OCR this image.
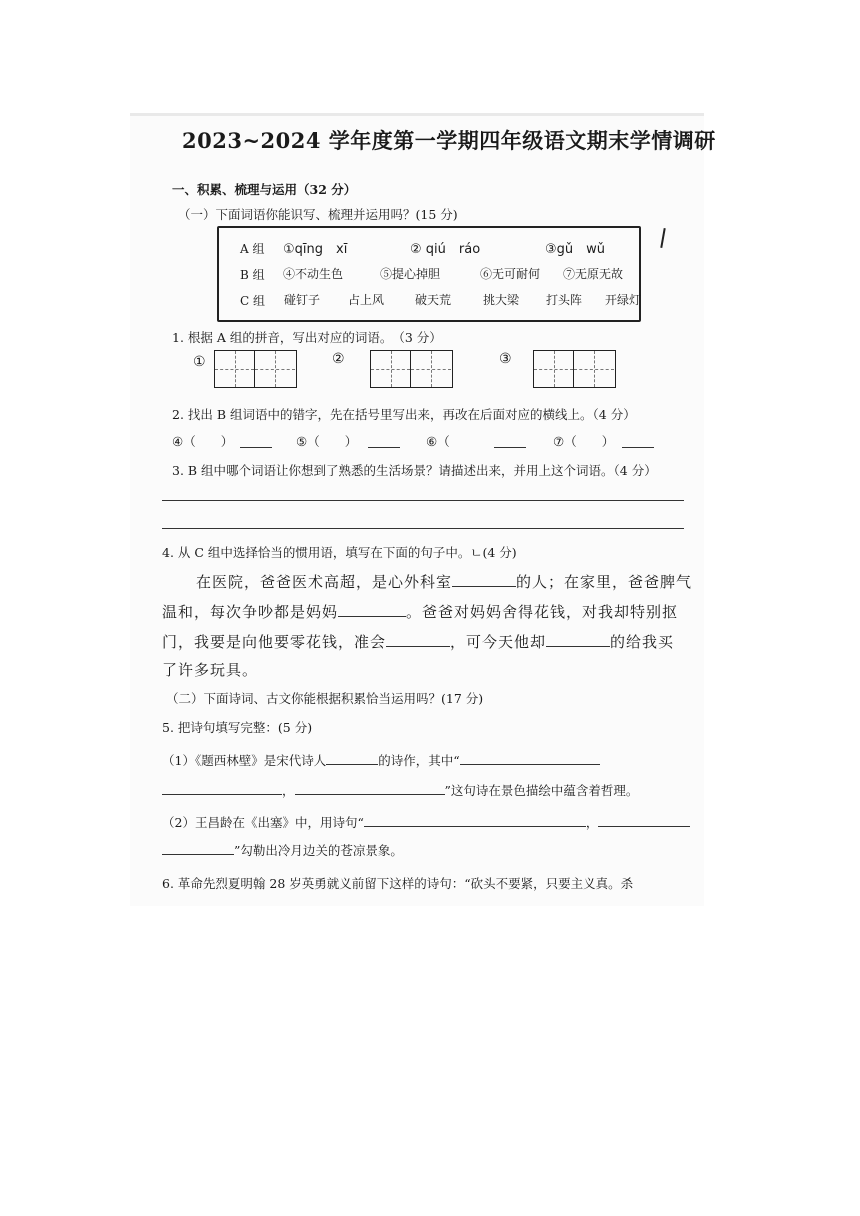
2023~2024 学年度第一学期四年级语文期末学情调研
一、积累、梳理与运用（32 分）
（一）下面词语你能识写、梳理并运用吗？(15 分)
A 组 ①qīng　xī	② qiú　ráo	③gǔ　wǔ
B 组 ④不动生色	⑤提心掉胆	⑥无可耐何 ⑦无原无故
C 组 碰钉子 占上风	破天荒	挑大梁 打头阵 开绿灯
1. 根据 A 组的拼音，写出对应的词语。　（3 分）
①	②	③
2. 找出 B 组词语中的错字，先在括号里写出来，再改在后面对应的横线上。（4 分）
④（　　）	⑤（　　）	⑥（	⑦（　　）
3. B 组中哪个词语让你想到了熟悉的生活场景？请描述出来，并用上这个词语。（4 分）
4. 从 C 组中选择恰当的惯用语，填写在下面的句子中。ㄴ(4 分)
在医院，爸爸医术高超，是心外科室	的人；在家里，爸爸脾气
温和，每次争吵都是妈妈	。爸爸对妈妈舍得花钱，对我却特别抠
门，我要是向他要零花钱，准会	，可今天他却	的给我买
了许多玩具。
（二）下面诗词、古文你能根据积累恰当运用吗？(17 分)
5. 把诗句填写完整：(5 分)
（1）《题西林壁》是宋代诗人	的诗作，其中“
，	”这句诗在景色描绘中蕴含着哲理。
（2）王昌龄在《出塞》中，用诗句“	，
”勾勒出冷月边关的苍凉景象。
6. 革命先烈夏明翰 28 岁英勇就义前留下这样的诗句：“砍头不要紧，只要主义真。杀
